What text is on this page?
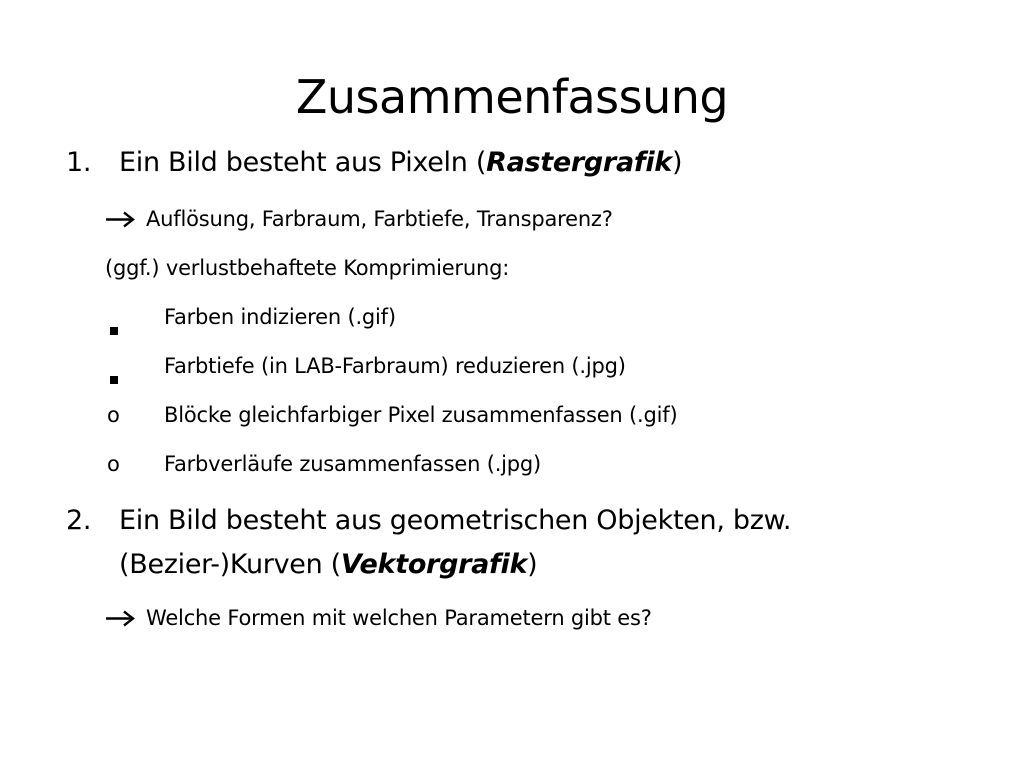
Zusammenfassung
1. Ein Bild besteht aus Pixeln (Rastergrafik)
Auflösung, Farbraum, Farbtiefe, Transparenz?
(ggf.) verlustbehaftete Komprimierung:
Farben indizieren (.gif)
Farbtiefe (in LAB-Farbraum) reduzieren (.jpg)
o Blöcke gleichfarbiger Pixel zusammenfassen (.gif)
o Farbverläufe zusammenfassen (.jpg)
2. Ein Bild besteht aus geometrischen Objekten, bzw.
(Bezier-)Kurven (Vektorgrafik)
Welche Formen mit welchen Parametern gibt es?
